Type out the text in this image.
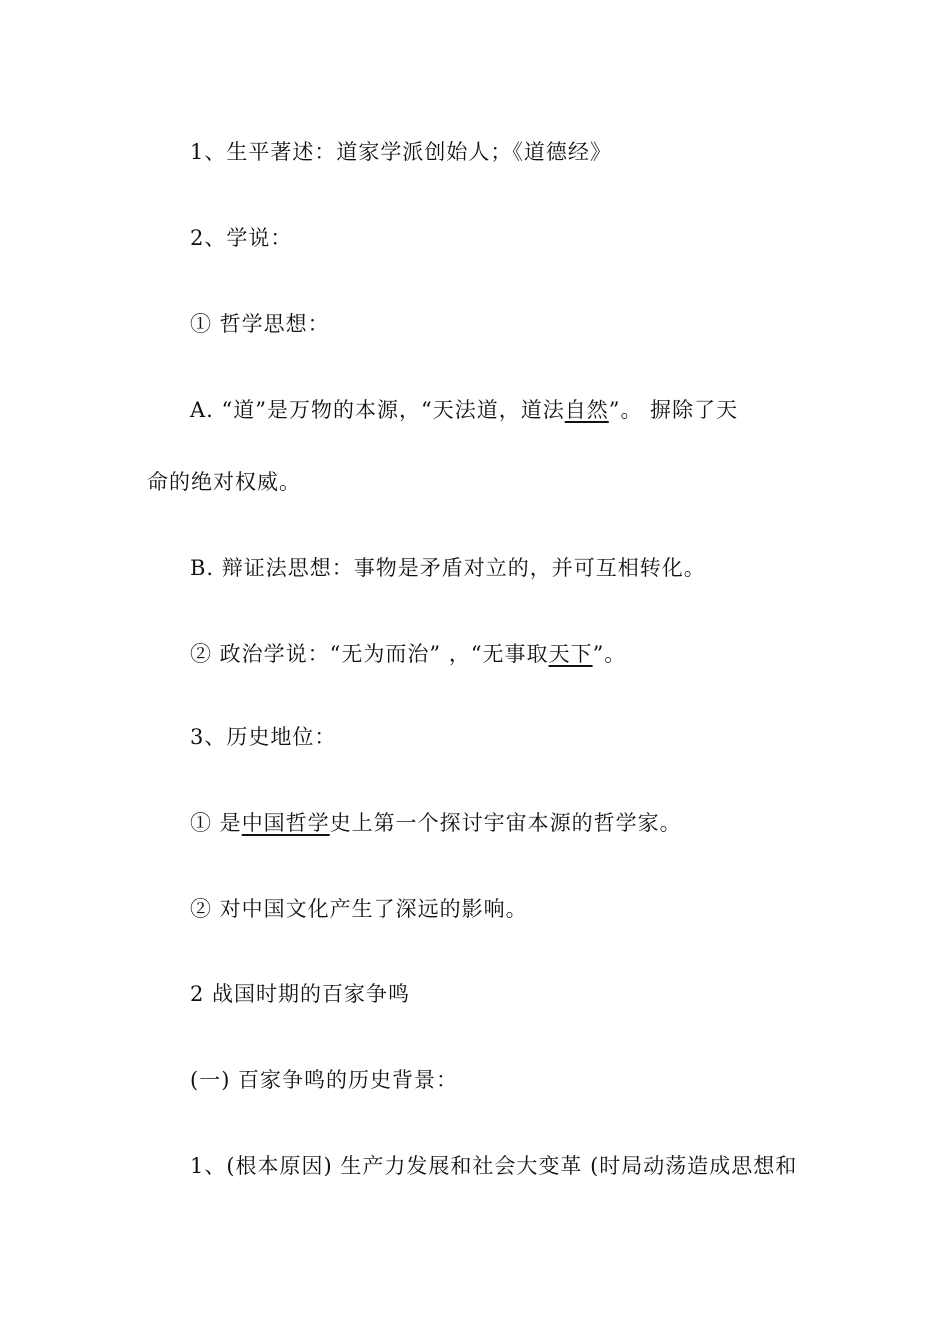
1、生平著述：道家学派创始人；《道德经》
2、学说：
① 哲学思想：
A. “道”是万物的本源，“天法道，道法自然”。 摒除了天
命的绝对权威。
B. 辩证法思想：事物是矛盾对立的，并可互相转化。
② 政治学说：“无为而治” ，“无事取天下”。
3、历史地位：
① 是中国哲学史上第一个探讨宇宙本源的哲学家。
② 对中国文化产生了深远的影响。
2 战国时期的百家争鸣
(一) 百家争鸣的历史背景：
1、(根本原因) 生产力发展和社会大变革 (时局动荡造成思想和
